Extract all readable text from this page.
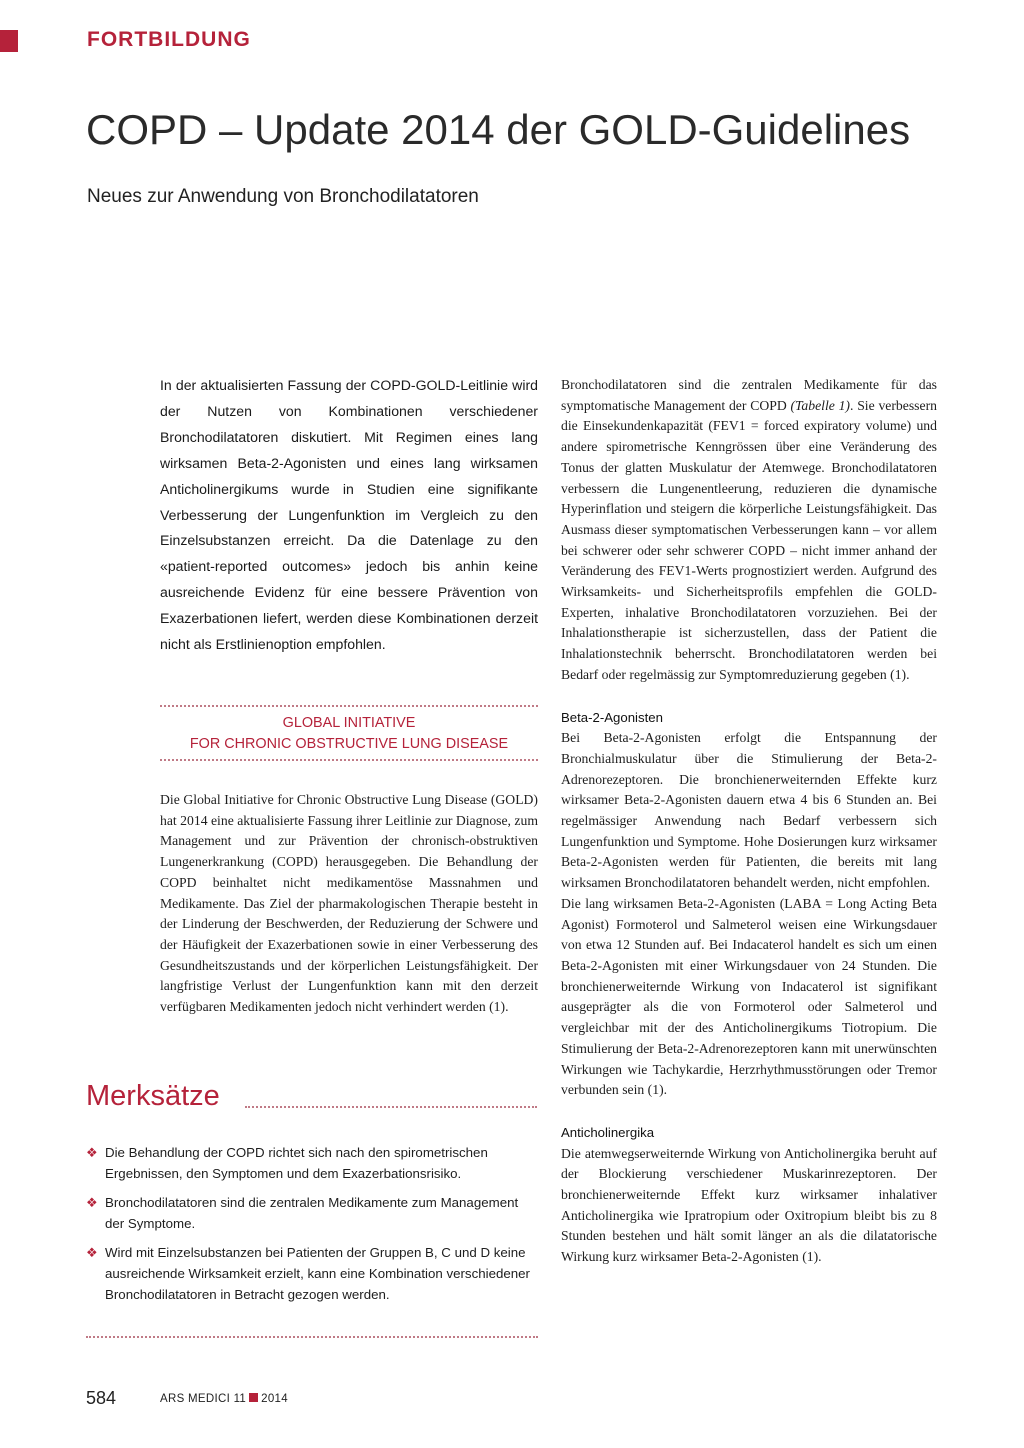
FORTBILDUNG
COPD – Update 2014 der GOLD-Guidelines
Neues zur Anwendung von Bronchodilatatoren
In der aktualisierten Fassung der COPD-GOLD-Leitlinie wird der Nutzen von Kombinationen verschiedener Bronchodilatatoren diskutiert. Mit Regimen eines lang wirksamen Beta-2-Agonisten und eines lang wirksamen Anticholinergikums wurde in Studien eine signifikante Verbesserung der Lungenfunktion im Vergleich zu den Einzelsubstanzen erreicht. Da die Datenlage zu den «patient-reported outcomes» jedoch bis anhin keine ausreichende Evidenz für eine bessere Prävention von Exazerbationen liefert, werden diese Kombinationen derzeit nicht als Erstlinienoption empfohlen.
GLOBAL INITIATIVE
FOR CHRONIC OBSTRUCTIVE LUNG DISEASE
Die Global Initiative for Chronic Obstructive Lung Disease (GOLD) hat 2014 eine aktualisierte Fassung ihrer Leitlinie zur Diagnose, zum Management und zur Prävention der chronisch-obstruktiven Lungenerkrankung (COPD) herausgegeben. Die Behandlung der COPD beinhaltet nicht medikamentöse Massnahmen und Medikamente. Das Ziel der pharmakologischen Therapie besteht in der Linderung der Beschwerden, der Reduzierung der Schwere und der Häufigkeit der Exazerbationen sowie in einer Verbesserung des Gesundheitszustands und der körperlichen Leistungsfähigkeit. Der langfristige Verlust der Lungenfunktion kann mit den derzeit verfügbaren Medikamenten jedoch nicht verhindert werden (1).
Merksätze
❖ Die Behandlung der COPD richtet sich nach den spirometrischen Ergebnissen, den Symptomen und dem Exazerbationsrisiko.
❖ Bronchodilatatoren sind die zentralen Medikamente zum Management der Symptome.
❖ Wird mit Einzelsubstanzen bei Patienten der Gruppen B, C und D keine ausreichende Wirksamkeit erzielt, kann eine Kombination verschiedener Bronchodilatatoren in Betracht gezogen werden.

Bronchodilatatoren sind die zentralen Medikamente für das symptomatische Management der COPD (Tabelle 1). Sie verbessern die Einsekundenkapazität (FEV1 = forced expiratory volume) und andere spirometrische Kenngrössen über eine Veränderung des Tonus der glatten Muskulatur der Atemwege. Bronchodilatatoren verbessern die Lungenentleerung, reduzieren die dynamische Hyperinflation und steigern die körperliche Leistungsfähigkeit. Das Ausmass dieser symptomatischen Verbesserungen kann – vor allem bei schwerer oder sehr schwerer COPD – nicht immer anhand der Veränderung des FEV1-Werts prognostiziert werden. Aufgrund des Wirksamkeits- und Sicherheitsprofils empfehlen die GOLD-Experten, inhalative Bronchodilatatoren vorzuziehen. Bei der Inhalationstherapie ist sicherzustellen, dass der Patient die Inhalationstechnik beherrscht. Bronchodilatatoren werden bei Bedarf oder regelmässig zur Symptomreduzierung gegeben (1).

Beta-2-Agonisten

Bei Beta-2-Agonisten erfolgt die Entspannung der Bronchialmuskulatur über die Stimulierung der Beta-2-Adrenorezeptoren. Die bronchienerweiternden Effekte kurz wirksamer Beta-2-Agonisten dauern etwa 4 bis 6 Stunden an. Bei regelmässiger Anwendung nach Bedarf verbessern sich Lungenfunktion und Symptome. Hohe Dosierungen kurz wirksamer Beta-2-Agonisten werden für Patienten, die bereits mit lang wirksamen Bronchodilatatoren behandelt werden, nicht empfohlen.

Die lang wirksamen Beta-2-Agonisten (LABA = Long Acting Beta Agonist) Formoterol und Salmeterol weisen eine Wirkungsdauer von etwa 12 Stunden auf. Bei Indacaterol handelt es sich um einen Beta-2-Agonisten mit einer Wirkungsdauer von 24 Stunden. Die bronchienerweiternde Wirkung von Indacaterol ist signifikant ausgeprägter als die von Formoterol oder Salmeterol und vergleichbar mit der des Anticholinergikums Tiotropium. Die Stimulierung der Beta-2-Adrenorezeptoren kann mit unerwünschten Wirkungen wie Tachykardie, Herzrhythmusstörungen oder Tremor verbunden sein (1).

Anticholinergika

Die atemwegserweiternde Wirkung von Anticholinergika beruht auf der Blockierung verschiedener Muskarinrezeptoren. Der bronchienerweiternde Effekt kurz wirksamer inhalativer Anticholinergika wie Ipratropium oder Oxitropium bleibt bis zu 8 Stunden bestehen und hält somit länger an als die dilatatorische Wirkung kurz wirksamer Beta-2-Agonisten (1).

584	ARS MEDICI 11 2014
